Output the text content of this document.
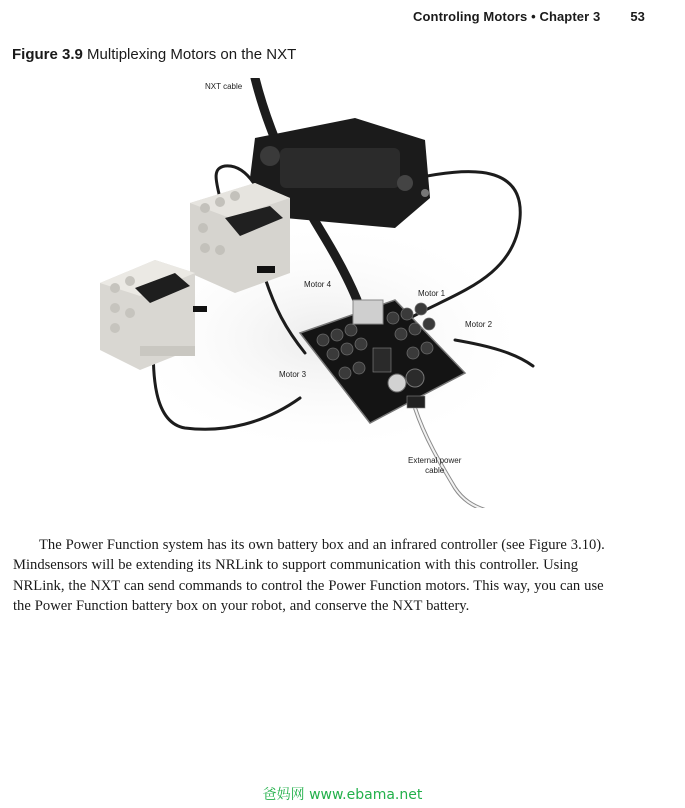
Controling Motors • Chapter 3 53
Figure 3.9 Multiplexing Motors on the NXT
NXT cable
Motor 1
Motor 2
Motor 3
Motor 4
External power
cable

The Power Function system has its own battery box and an infrared controller (see Figure 3.10). Mindsensors will be extending its NRLink to support communication with this controller. Using NRLink, the NXT can send commands to control the Power Function motors. This way, you can use the Power Function battery box on your robot, and conserve the NXT battery.

爸妈网 www.ebama.net
